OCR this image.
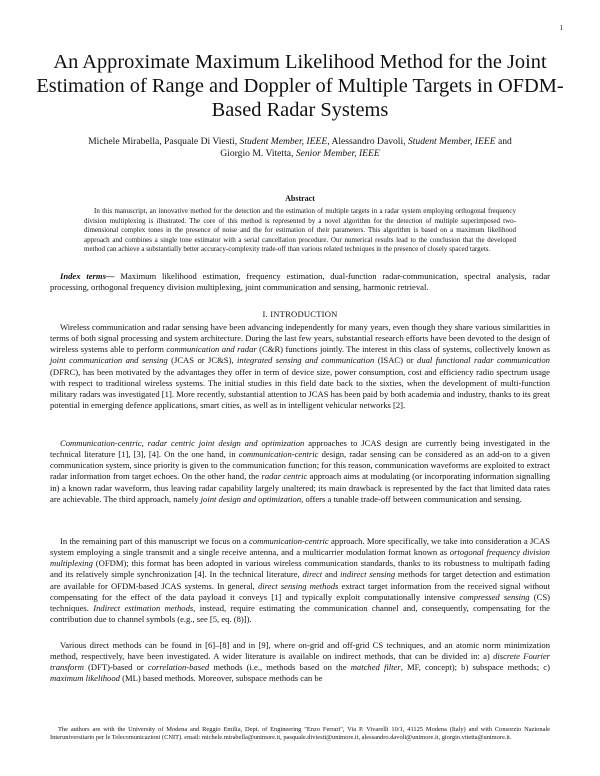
1
An Approximate Maximum Likelihood Method for the Joint Estimation of Range and Doppler of Multiple Targets in OFDM-Based Radar Systems
Michele Mirabella, Pasquale Di Viesti, Student Member, IEEE, Alessandro Davoli, Student Member, IEEE and
Giorgio M. Vitetta, Senior Member, IEEE
Abstract

In this manuscript, an innovative method for the detection and the estimation of multiple targets in a radar system employing orthogonal frequency division multiplexing is illustrated. The core of this method is represented by a novel algorithm for the detection of multiple superimposed two-dimensional complex tones in the presence of noise and the for estimation of their parameters. This algorithm is based on a maximum likelihood approach and combines a single tone estimator with a serial cancellation procedure. Our numerical results lead to the conclusion that the developed method can achieve a substantially better accuracy-complexity trade-off than various related techniques in the presence of closely spaced targets.

Index terms— Maximum likelihood estimation, frequency estimation, dual-function radar-communication, spectral analysis, radar processing, orthogonal frequency division multiplexing, joint communication and sensing, harmonic retrieval.

I. INTRODUCTION

Wireless communication and radar sensing have been advancing independently for many years, even though they share various similarities in terms of both signal processing and system architecture. During the last few years, substantial research efforts have been devoted to the design of wireless systems able to perform communication and radar (C&R) functions jointly. The interest in this class of systems, collectively known as joint communication and sensing (JCAS or JC&S), integrated sensing and communication (ISAC) or dual functional radar communication (DFRC), has been motivated by the advantages they offer in term of device size, power consumption, cost and efficiency radio spectrum usage with respect to traditional wireless systems. The initial studies in this field date back to the sixties, when the development of multi-function military radars was investigated [1]. More recently, substantial attention to JCAS has been paid by both academia and industry, thanks to its great potential in emerging defence applications, smart cities, as well as in intelligent vehicular networks [2].

Communication-centric, radar centric joint design and optimization approaches to JCAS design are currently being investigated in the technical literature [1], [3], [4]. On the one hand, in communication-centric design, radar sensing can be considered as an add-on to a given communication system, since priority is given to the communication function; for this reason, communication waveforms are exploited to extract radar information from target echoes. On the other hand, the radar centric approach aims at modulating (or incorporating information signalling in) a known radar waveform, thus leaving radar capability largely unaltered; its main drawback is represented by the fact that limited data rates are achievable. The third approach, namely joint design and optimization, offers a tunable trade-off between communication and sensing.

In the remaining part of this manuscript we focus on a communication-centric approach. More specifically, we take into consideration a JCAS system employing a single transmit and a single receive antenna, and a multicarrier modulation format known as ortogonal frequency division multiplexing (OFDM); this format has been adopted in various wireless communication standards, thanks to its robustness to multipath fading and its relatively simple synchronization [4]. In the technical literature, direct and indirect sensing methods for target detection and estimation are available for OFDM-based JCAS systems. In general, direct sensing methods extract target information from the received signal without compensating for the effect of the data payload it conveys [1] and typically exploit computationally intensive compressed sensing (CS) techniques. Indirect estimation methods, instead, require estimating the communication channel and, consequently, compensating for the contribution due to channel symbols (e.g., see [5, eq. (8)]).

Various direct methods can be found in [6]–[8] and in [9], where on-grid and off-grid CS techniques, and an atomic norm minimization method, respectively, have been investigated. A wider literature is available on indirect methods, that can be divided in: a) discrete Fourier transform (DFT)-based or correlation-based methods (i.e., methods based on the matched filter, MF, concept); b) subspace methods; c) maximum likelihood (ML) based methods. Moreover, subspace methods can be

The authors are with the University of Modena and Reggio Emilia, Dept. of Engineering "Enzo Ferrari", Via P. Vivarelli 10/1, 41125 Modena (Italy) and with Consorzio Nazionale Interuniversitario per le Telecomunicazioni (CNIT). email: michele.mirabella@unimore.it, pasquale.diviesti@unimore.it, alessandro.davoli@unimore.it, giorgio.vitetta@unimore.it.
